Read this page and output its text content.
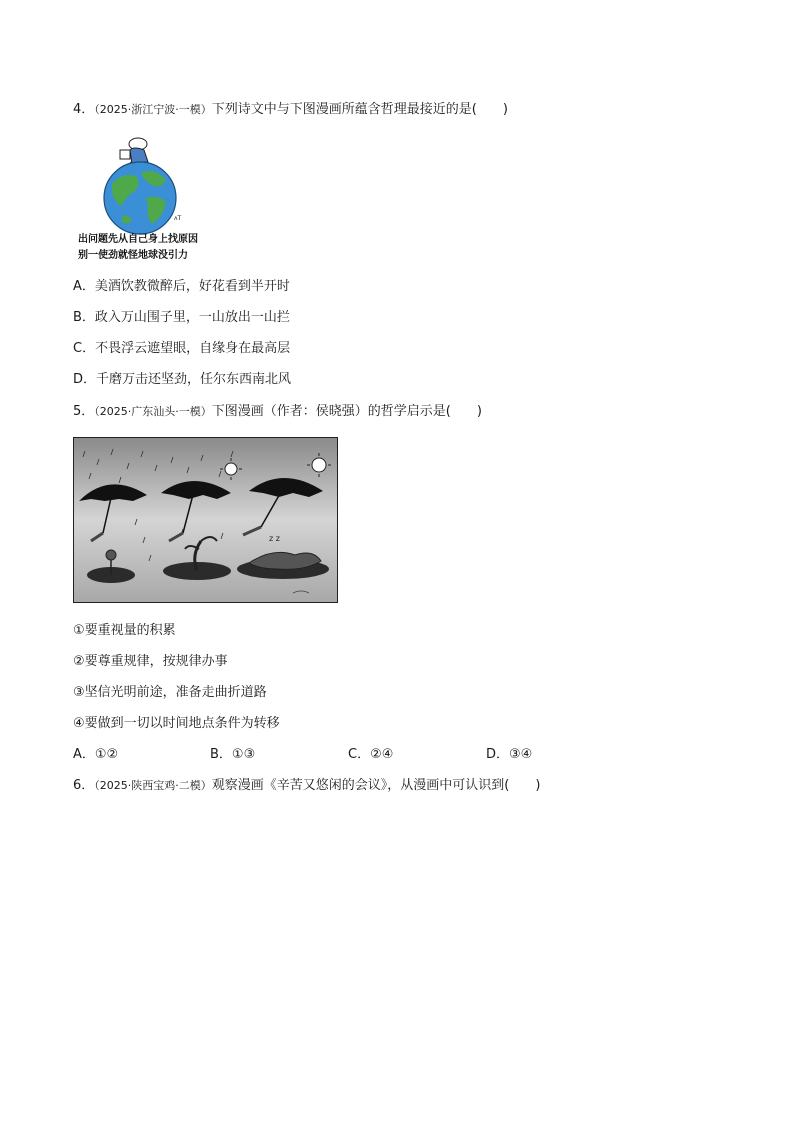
4．（2025·浙江宁波·一模）下列诗文中与下图漫画所蕴含哲理最接近的是(　　)
ʌT
出问题先从自己身上找原因
别一使劲就怪地球没引力
A．美酒饮教微醉后，好花看到半开时
B．政入万山围子里，一山放出一山拦
C．不畏浮云遮望眼，自缘身在最高层
D．千磨万击还坚劲，任尔东西南北风
5．（2025·广东汕头·一模）下图漫画（作者：侯晓强）的哲学启示是(　　)
z z
①要重视量的积累
②要尊重规律，按规律办事
③坚信光明前途，准备走曲折道路
④要做到一切以时间地点条件为转移
A．①②	B．①③	C．②④	D．③④
6．（2025·陕西宝鸡·二模）观察漫画《辛苦又悠闲的会议》，从漫画中可认识到(　　)
